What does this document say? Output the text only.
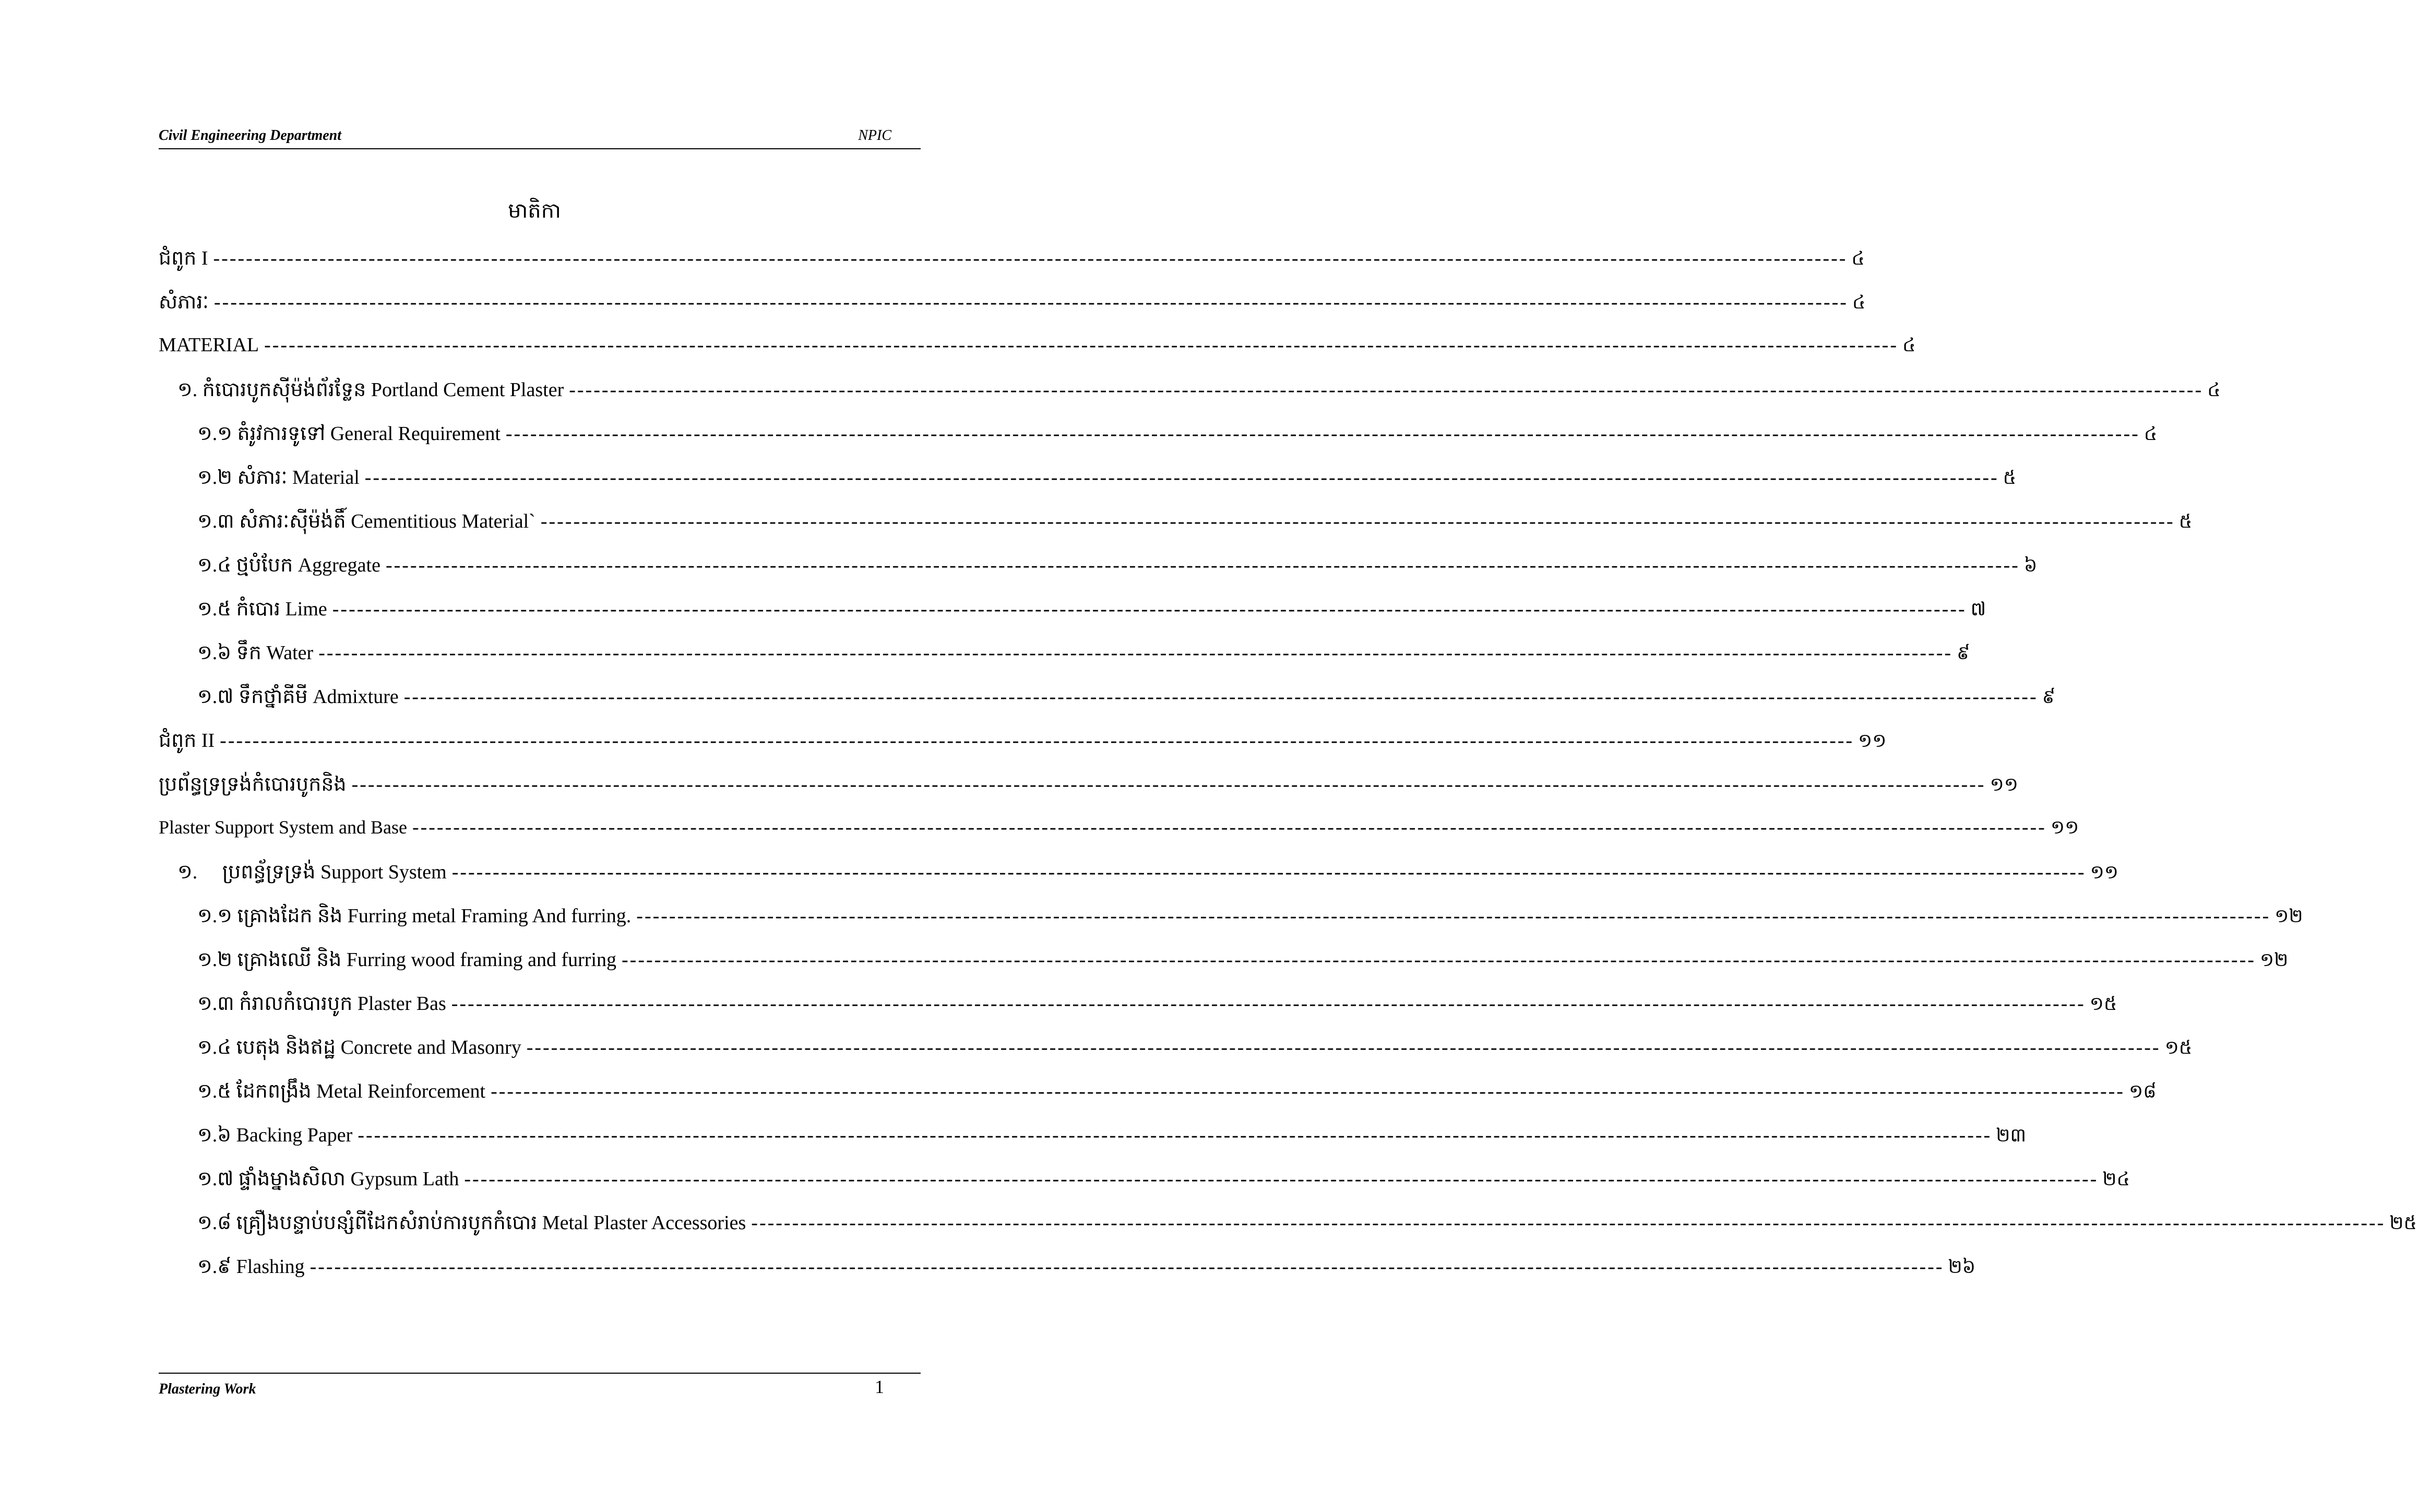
Civil Engineering Department	NPIC
មាតិកា
ជំពូក I -------------------------------------------------------------------------------------------------------------------------------------------------------------------------------------------------------- ៤
សំភារៈ -------------------------------------------------------------------------------------------------------------------------------------------------------------------------------------------------------- ៤
MATERIAL -------------------------------------------------------------------------------------------------------------------------------------------------------------------------------------------------------- ៤
១. កំបោរបូកស៊ីម៉ង់ព័រទ្លែន Portland Cement Plaster -------------------------------------------------------------------------------------------------------------------------------------------------------------------------------------------------------- ៤
១.១ តំរូវការទូទៅ General Requirement -------------------------------------------------------------------------------------------------------------------------------------------------------------------------------------------------------- ៤
១.២ សំភារៈ Material -------------------------------------------------------------------------------------------------------------------------------------------------------------------------------------------------------- ៥
១.៣ សំភារៈស៊ីម៉ង់តិ៍ Cementitious Material` -------------------------------------------------------------------------------------------------------------------------------------------------------------------------------------------------------- ៥
១.៤ ថ្មបំបែក Aggregate -------------------------------------------------------------------------------------------------------------------------------------------------------------------------------------------------------- ៦
១.៥ កំបោរ Lime -------------------------------------------------------------------------------------------------------------------------------------------------------------------------------------------------------- ៧
១.៦ ទឹក Water -------------------------------------------------------------------------------------------------------------------------------------------------------------------------------------------------------- ៩
១.៧ ទឹកថ្នាំគីមី Admixture -------------------------------------------------------------------------------------------------------------------------------------------------------------------------------------------------------- ៩
ជំពូក II -------------------------------------------------------------------------------------------------------------------------------------------------------------------------------------------------------- ១១
ប្រព័ន្ធទ្រទ្រង់កំបោរបូកនិង -------------------------------------------------------------------------------------------------------------------------------------------------------------------------------------------------------- ១១
Plaster Support System and Base -------------------------------------------------------------------------------------------------------------------------------------------------------------------------------------------------------- ១១
១.     ប្រពន្ធ័ទ្រទ្រង់ Support System -------------------------------------------------------------------------------------------------------------------------------------------------------------------------------------------------------- ១១
១.១ គ្រោងដែក និង Furring metal Framing And furring. -------------------------------------------------------------------------------------------------------------------------------------------------------------------------------------------------------- ១២
១.២ គ្រោងឈើ និង Furring wood framing and furring -------------------------------------------------------------------------------------------------------------------------------------------------------------------------------------------------------- ១២
១.៣ កំរាលកំបោរបូក Plaster Bas -------------------------------------------------------------------------------------------------------------------------------------------------------------------------------------------------------- ១៥
១.៤ បេតុង និងឥដ្ឋ Concrete and Masonry -------------------------------------------------------------------------------------------------------------------------------------------------------------------------------------------------------- ១៥
១.៥ ដែកពង្រឹង Metal Reinforcement -------------------------------------------------------------------------------------------------------------------------------------------------------------------------------------------------------- ១៨
១.៦ Backing Paper -------------------------------------------------------------------------------------------------------------------------------------------------------------------------------------------------------- ២៣
១.៧ ផ្ទាំងម្នាងសិលា Gypsum Lath -------------------------------------------------------------------------------------------------------------------------------------------------------------------------------------------------------- ២៤
១.៨ គ្រឿងបន្ទាប់បន្សំពីដែកសំរាប់ការបូកកំបោរ Metal Plaster Accessories -------------------------------------------------------------------------------------------------------------------------------------------------------------------------------------------------------- ២៥
១.៩ Flashing -------------------------------------------------------------------------------------------------------------------------------------------------------------------------------------------------------- ២៦
Plastering Work	1
